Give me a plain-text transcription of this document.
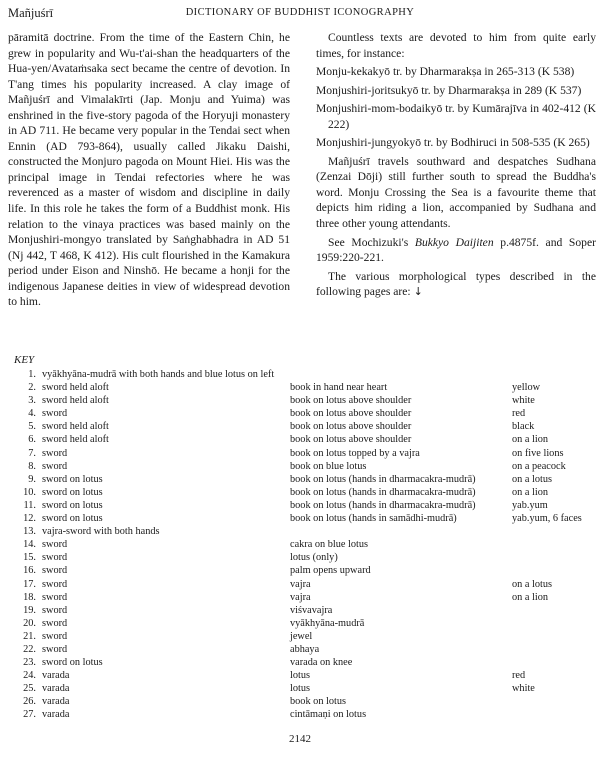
Mañjuśrī	DICTIONARY OF BUDDHIST ICONOGRAPHY

pāramitā doctrine. From the time of the Eastern Chin, he grew in popularity and Wu-t'ai-shan the headquarters of the Hua-yen/Avataṁsaka sect became the centre of devotion. In T'ang times his popularity increased. A clay image of Mañjuśrī and Vimalakīrti (Jap. Monju and Yuima) was enshrined in the five-story pagoda of the Horyuji monastery in AD 711. He became very popular in the Tendai sect when Ennin (AD 793-864), usually called Jikaku Daishi, constructed the Monjuro pagoda on Mount Hiei. His was the principal image in Tendai refectories where he was reverenced as a master of wisdom and discipline in daily life. In this role he takes the form of a Buddhist monk. His relation to the vinaya practices was based mainly on the Monjushiri-mongyo translated by Saṅghabhadra in AD 51 (Nj 442, T 468, K 412). His cult flourished in the Kamakura period under Eison and Ninshō. He became a honji for the indigenous Japanese deities in view of widespread devotion to him.

Countless texts are devoted to him from quite early times, for instance:

Monju-kekakyō tr. by Dharmarakṣa in 265-313 (K 538)

Monjushiri-joritsukyō tr. by Dharmarakṣa in 289 (K 537)

Monjushiri-mom-bodaikyō tr. by Kumārajīva in 402-412 (K 222)

Monjushiri-jungyokyō tr. by Bodhiruci in 508-535 (K 265)

Mañjuśrī travels southward and despatches Sudhana (Zenzai Dōji) still further south to spread the Buddha's word. Monju Crossing the Sea is a favourite theme that depicts him riding a lion, accompanied by Sudhana and three other young attendants.

See Mochizuki's Bukkyo Daijiten p.4875f. and Soper 1959:220-221.

The various morphological types described in the following pages are: ↓

KEY
1. vyākhyāna-mudrā with both hands and blue lotus on left
2. sword held aloft	book in hand near heart	yellow
3. sword held aloft	book on lotus above shoulder	white
4. sword	book on lotus above shoulder	red
5. sword held aloft	book on lotus above shoulder	black
6. sword held aloft	book on lotus above shoulder	on a lion
7. sword	book on lotus topped by a vajra	on five lions
8. sword	book on blue lotus	on a peacock
9. sword on lotus	book on lotus (hands in dharmacakra-mudrā)	on a lotus
10. sword on lotus	book on lotus (hands in dharmacakra-mudrā)	on a lion
11. sword on lotus	book on lotus (hands in dharmacakra-mudrā)	yab.yum
12. sword on lotus	book on lotus (hands in samādhi-mudrā)	yab.yum, 6 faces
13. vajra-sword with both hands
14. sword	cakra on blue lotus
15. sword	lotus (only)
16. sword	palm opens upward
17. sword	vajra	on a lotus
18. sword	vajra	on a lion
19. sword	viśvavajra
20. sword	vyākhyāna-mudrā
21. sword	jewel
22. sword	abhaya
23. sword on lotus	varada on knee
24. varada	lotus	red
25. varada	lotus	white
26. varada	book on lotus
27. varada	cintāmaṇi on lotus
2142
